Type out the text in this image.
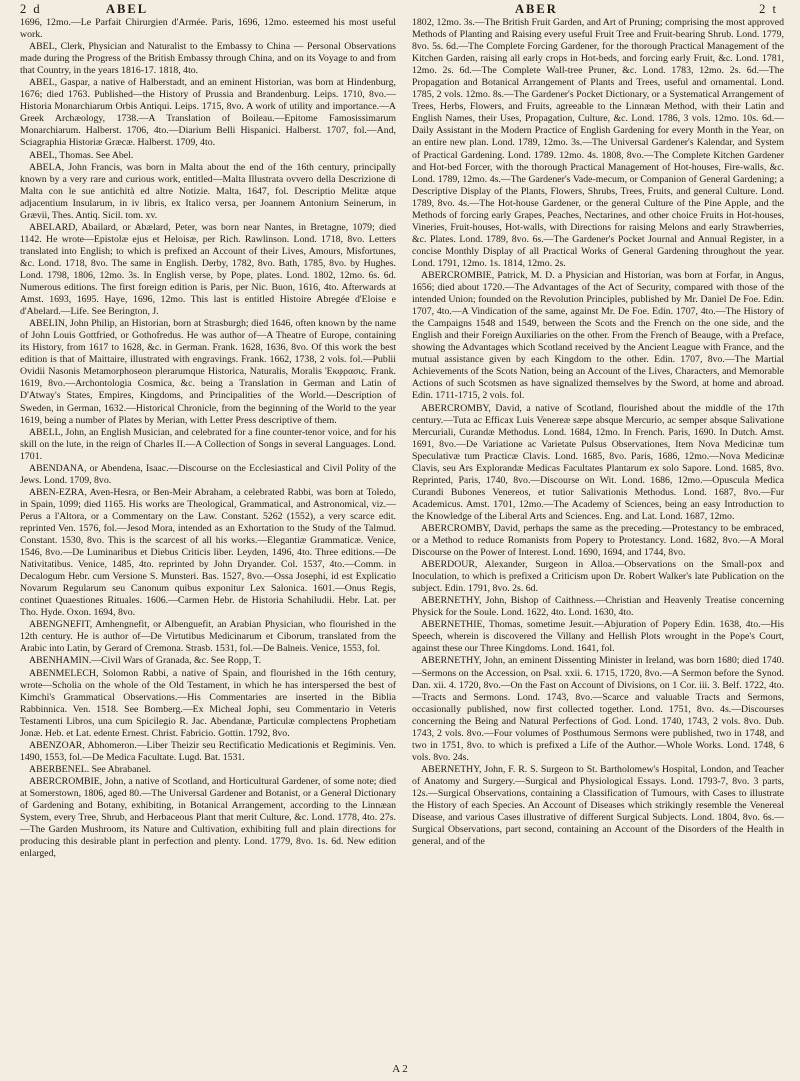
2 d	ABEL	ABER	2 t

1696, 12mo.—Le Parfait Chirurgien d'Armée. Paris, 1696, 12mo. esteemed his most useful work.

ABEL, Clerk, Physician and Naturalist to the Embassy to China — Personal Observations made during the Progress of the British Embassy through China, and on its Voyage to and from that Country, in the years 1816-17. 1818, 4to.

ABEL, Gaspar, a native of Halberstadt, and an eminent Historian, was born at Hindenburg, 1676; died 1763. Published—the History of Prussia and Brandenburg. Leips. 1710, 8vo.—Historia Monarchiarum Orbis Antiqui. Leips. 1715, 8vo. A work of utility and importance.—A Greek Archæology, 1738.—A Translation of Boileau.—Epitome Famosissimarum Monarchiarum. Halberst. 1706, 4to.—Diarium Belli Hispanici. Halberst. 1707, fol.—And, Sciagraphia Historiæ Græcæ. Halberst. 1709, 4to.

ABEL, Thomas. See Abel.

ABELA, John Francis, was born in Malta about the end of the 16th century, principally known by a very rare and curious work, entitled—Malta Illustrata ovvero della Descrizione di Malta con le sue antichità ed altre Notizie. Malta, 1647, fol. Descriptio Melitæ atque adjacentium Insularum, in iv libris, ex Italico versa, per Joannem Antonium Seinerum, in Grævii, Thes. Antiq. Sicil. tom. xv.

ABELARD, Abailard, or Abælard, Peter, was born near Nantes, in Bretagne, 1079; died 1142. He wrote—Epistolæ ejus et Heloisæ, per Rich. Rawlinson. Lond. 1718, 8vo. Letters translated into English; to which is prefixed an Account of their Lives, Amours, Misfortunes, &c. Lond. 1718, 8vo. The same in English. Derby, 1782, 8vo. Bath, 1785, 8vo. by Hughes. Lond. 1798, 1806, 12mo. 3s. In English verse, by Pope, plates. Lond. 1802, 12mo. 6s. 6d. Numerous editions. The first foreign edition is Paris, per Nic. Buon, 1616, 4to. Afterwards at Amst. 1693, 1695. Haye, 1696, 12mo. This last is entitled Histoire Abregée d'Eloise e d'Abelard.—Life. See Berington, J.

ABELIN, John Philip, an Historian, born at Strasburgh; died 1646, often known by the name of John Louis Gottfried, or Gothofredus. He was author of—A Theatre of Europe, containing its History, from 1617 to 1628, &c. in German. Frank. 1628, 1636, 8vo. Of this work the best edition is that of Maittaire, illustrated with engravings. Frank. 1662, 1738, 2 vols. fol.—Publii Ovidii Nasonis Metamorphoseon plerarumque Historica, Naturalis, Moralis Ἐκφρασις. Frank. 1619, 8vo.—Archontologia Cosmica, &c. being a Translation in German and Latin of D'Atway's States, Empires, Kingdoms, and Principalities of the World.—Description of Sweden, in German, 1632.—Historical Chronicle, from the beginning of the World to the year 1619, being a number of Plates by Merian, with Letter Press descriptive of them.

ABELL, John, an English Musician, and celebrated for a fine counter-tenor voice, and for his skill on the lute, in the reign of Charles II.—A Collection of Songs in several Languages. Lond. 1701.

ABENDANA, or Abendena, Isaac.—Discourse on the Ecclesiastical and Civil Polity of the Jews. Lond. 1709, 8vo.

ABEN-EZRA, Aven-Hesra, or Ben-Meir Abraham, a celebrated Rabbi, was born at Toledo, in Spain, 1099; died 1165. His works are Theological, Grammatical, and Astronomical, viz.—Perus a l'Altora, or a Commentary on the Law. Constant. 5262 (1552), a very scarce edit. reprinted Ven. 1576, fol.—Jesod Mora, intended as an Exhortation to the Study of the Talmud. Constant. 1530, 8vo. This is the scarcest of all his works.—Elegantiæ Grammaticæ. Venice, 1546, 8vo.—De Luminaribus et Diebus Criticis liber. Leyden, 1496, 4to. Three editions.—De Nativitatibus. Venice, 1485, 4to. reprinted by John Dryander. Col. 1537, 4to.—Comm. in Decalogum Hebr. cum Versione S. Munsteri. Bas. 1527, 8vo.—Ossa Josephi, id est Explicatio Novarum Regularum seu Canonum quibus exponitur Lex Salonica. 1601.—Onus Regis, continet Quaestiones Rituales. 1606.—Carmen Hebr. de Historia Schahiludii. Hebr. Lat. per Tho. Hyde. Oxon. 1694, 8vo.

ABENGNEFIT, Amhengnefit, or Albenguefit, an Arabian Physician, who flourished in the 12th century. He is author of—De Virtutibus Medicinarum et Ciborum, translated from the Arabic into Latin, by Gerard of Cremona. Strasb. 1531, fol.—De Balneis. Venice, 1553, fol.

ABENHAMIN.—Civil Wars of Granada, &c. See Ropp, T.

ABENMELECH, Solomon Rabbi, a native of Spain, and flourished in the 16th century, wrote—Scholia on the whole of the Old Testament, in which he has interspersed the best of Kimchi's Grammatical Observations.—His Commentaries are inserted in the Biblia Rabbinnica. Ven. 1518. See Bomberg.—Ex Micheal Jophi, seu Commentario in Veteris Testamenti Libros, una cum Spicilegio R. Jac. Abendanæ, Particulæ complectens Prophetiam Jonæ. Heb. et Lat. edente Ernest. Christ. Fabricio. Gottin. 1792, 8vo.

ABENZOAR, Abhomeron.—Liber Theizir seu Rectificatio Medicationis et Regiminis. Ven. 1490, 1553, fol.—De Medica Facultate. Lugd. Bat. 1531.

ABERBENEL. See Abrabanel.

ABERCROMBIE, John, a native of Scotland, and Horticultural Gardener, of some note; died at Somerstown, 1806, aged 80.—The Universal Gardener and Botanist, or a General Dictionary of Gardening and Botany, exhibiting, in Botanical Arrangement, according to the Linnæan System, every Tree, Shrub, and Herbaceous Plant that merit Culture, &c. Lond. 1778, 4to. 27s.—The Garden Mushroom, its Nature and Cultivation, exhibiting full and plain directions for producing this desirable plant in perfection and plenty. Lond. 1779, 8vo. 1s. 6d. New edition enlarged,

1802, 12mo. 3s.—The British Fruit Garden, and Art of Pruning; comprising the most approved Methods of Planting and Raising every useful Fruit Tree and Fruit-bearing Shrub. Lond. 1779, 8vo. 5s. 6d.—The Complete Forcing Gardener, for the thorough Practical Management of the Kitchen Garden, raising all early crops in Hot-beds, and forcing early Fruit, &c. Lond. 1781, 12mo. 2s. 6d.—The Complete Wall-tree Pruner, &c. Lond. 1783, 12mo. 2s. 6d.—The Propagation and Botanical Arrangement of Plants and Trees, useful and ornamental. Lond. 1785, 2 vols. 12mo. 8s.—The Gardener's Pocket Dictionary, or a Systematical Arrangement of Trees, Herbs, Flowers, and Fruits, agreeable to the Linnæan Method, with their Latin and English Names, their Uses, Propagation, Culture, &c. Lond. 1786, 3 vols. 12mo. 10s. 6d.—Daily Assistant in the Modern Practice of English Gardening for every Month in the Year, on an entire new plan. Lond. 1789, 12mo. 3s.—The Universal Gardener's Kalendar, and System of Practical Gardening. Lond. 1789. 12mo. 4s. 1808, 8vo.—The Complete Kitchen Gardener and Hot-bed Forcer, with the thorough Practical Management of Hot-houses, Fire-walls, &c. Lond. 1789, 12mo. 4s.—The Gardener's Vade-mecum, or Companion of General Gardening; a Descriptive Display of the Plants, Flowers, Shrubs, Trees, Fruits, and general Culture. Lond. 1789, 8vo. 4s.—The Hot-house Gardener, or the general Culture of the Pine Apple, and the Methods of forcing early Grapes, Peaches, Nectarines, and other choice Fruits in Hot-houses, Vineries, Fruit-houses, Hot-walls, with Directions for raising Melons and early Strawberries, &c. Plates. Lond. 1789, 8vo. 6s.—The Gardener's Pocket Journal and Annual Register, in a concise Monthly Display of all Practical Works of General Gardening throughout the year. Lond. 1791, 12mo. 1s. 1814, 12mo. 2s.

ABERCROMBIE, Patrick, M. D. a Physician and Historian, was born at Forfar, in Angus, 1656; died about 1720.—The Advantages of the Act of Security, compared with those of the intended Union; founded on the Revolution Principles, published by Mr. Daniel De Foe. Edin. 1707, 4to.—A Vindication of the same, against Mr. De Foe. Edin. 1707, 4to.—The History of the Campaigns 1548 and 1549, between the Scots and the French on the one side, and the English and their Foreign Auxiliaries on the other. From the French of Beauge, with a Preface, showing the Advantages which Scotland received by the Ancient League with France, and the mutual assistance given by each Kingdom to the other. Edin. 1707, 8vo.—The Martial Achievements of the Scots Nation, being an Account of the Lives, Characters, and Memorable Actions of such Scotsmen as have signalized themselves by the Sword, at home and abroad. Edin. 1711-1715, 2 vols. fol.

ABERCROMBY, David, a native of Scotland, flourished about the middle of the 17th century.—Tuta ac Efficax Luis Venereæ sæpe absque Mercurio, ac semper absque Salivatione Mercuriali, Curandæ Methodus. Lond. 1684, 12mo. In French. Paris, 1690. In Dutch. Amst. 1691, 8vo.—De Variatione ac Varietate Pulsus Observationes, Item Nova Medicinæ tum Speculativæ tum Practicæ Clavis. Lond. 1685, 8vo. Paris, 1686, 12mo.—Nova Medicinæ Clavis, seu Ars Explorandæ Medicas Facultates Plantarum ex solo Sapore. Lond. 1685, 8vo. Reprinted, Paris, 1740, 8vo.—Discourse on Wit. Lond. 1686, 12mo.—Opuscula Medica Curandi Bubones Venereos, et tutior Salivationis Methodus. Lond. 1687, 8vo.—Fur Academicus. Amst. 1701, 12mo.—The Academy of Sciences, being an easy Introduction to the Knowledge of the Liberal Arts and Sciences. Eng. and Lat. Lond. 1687, 12mo.

ABERCROMBY, David, perhaps the same as the preceding.—Protestancy to be embraced, or a Method to reduce Romanists from Popery to Protestancy. Lond. 1682, 8vo.—A Moral Discourse on the Power of Interest. Lond. 1690, 1694, and 1744, 8vo.

ABERDOUR, Alexander, Surgeon in Alloa.—Observations on the Small-pox and Inoculation, to which is prefixed a Criticism upon Dr. Robert Walker's late Publication on the subject. Edin. 1791, 8vo. 2s. 6d.

ABERNETHY, John, Bishop of Caithness.—Christian and Heavenly Treatise concerning Physick for the Soule. Lond. 1622, 4to. Lond. 1630, 4to.

ABERNETHIE, Thomas, sometime Jesuit.—Abjuration of Popery Edin. 1638, 4to.—His Speech, wherein is discovered the Villany and Hellish Plots wrought in the Pope's Court, against these our Three Kingdoms. Lond. 1641, fol.

ABERNETHY, John, an eminent Dissenting Minister in Ireland, was born 1680; died 1740.—Sermons on the Accession, on Psal. xxii. 6. 1715, 1720, 8vo.—A Sermon before the Synod. Dan. xii. 4. 1720, 8vo.—On the Fast on Account of Divisions, on 1 Cor. iii. 3. Belf. 1722, 4to.—Tracts and Sermons. Lond. 1743, 8vo.—Scarce and valuable Tracts and Sermons, occasionally published, now first collected together. Lond. 1751, 8vo. 4s.—Discourses concerning the Being and Natural Perfections of God. Lond. 1740, 1743, 2 vols. 8vo. Dub. 1743, 2 vols. 8vo.—Four volumes of Posthumous Sermons were published, two in 1748, and two in 1751, 8vo. to which is prefixed a Life of the Author.—Whole Works. Lond. 1748, 6 vols. 8vo. 24s.

ABERNETHY, John, F. R. S. Surgeon to St. Bartholomew's Hospital, London, and Teacher of Anatomy and Surgery.—Surgical and Physiological Essays. Lond. 1793-7, 8vo. 3 parts, 12s.—Surgical Observations, containing a Classification of Tumours, with Cases to illustrate the History of each Species. An Account of Diseases which strikingly resemble the Venereal Disease, and various Cases illustrative of different Surgical Subjects. Lond. 1804, 8vo. 6s.—Surgical Observations, part second, containing an Account of the Disorders of the Health in general, and of the

A 2
